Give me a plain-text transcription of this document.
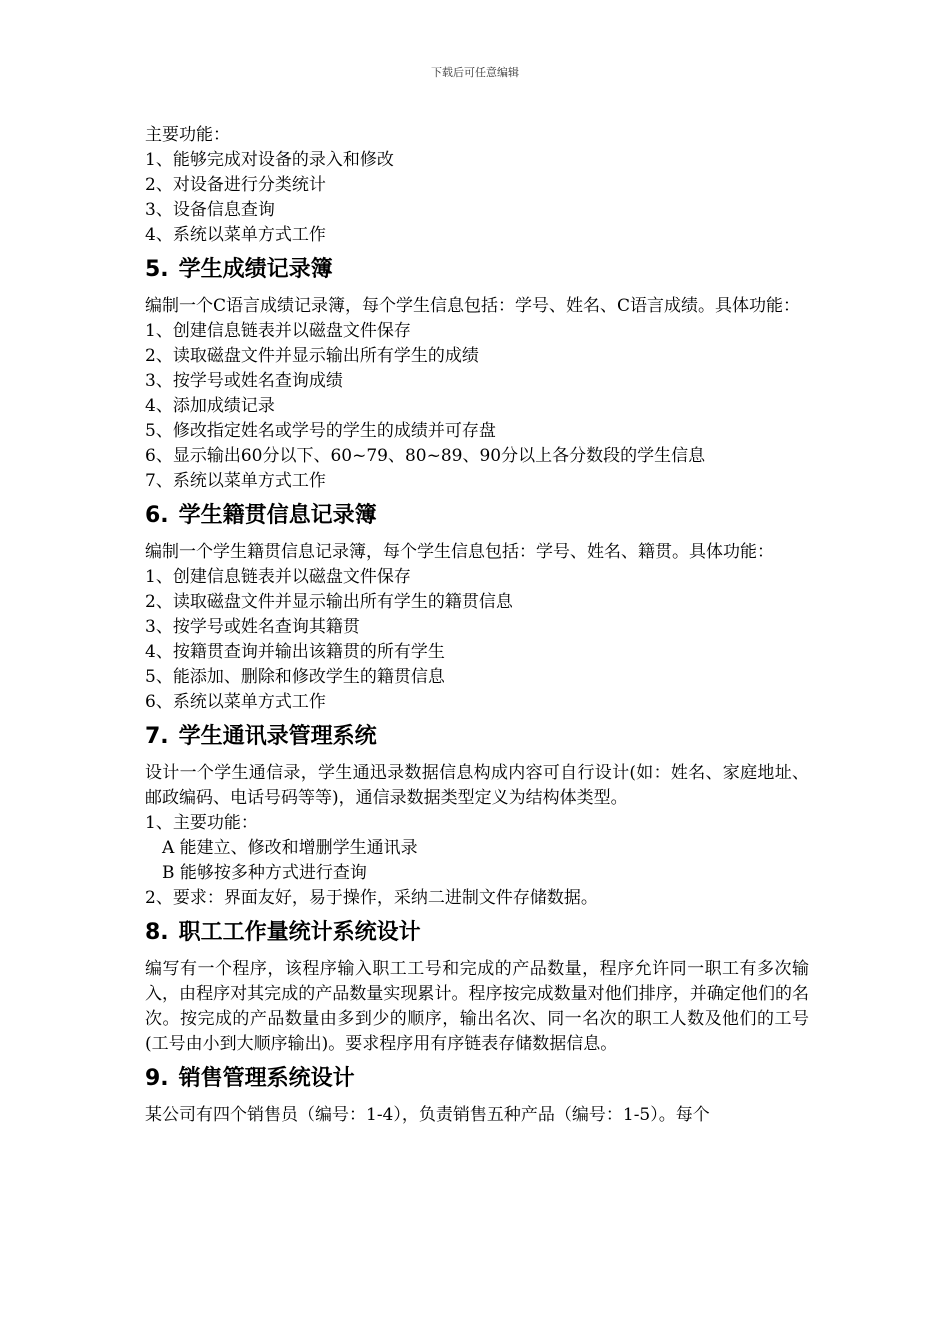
下载后可任意编辑
主要功能：
1、能够完成对设备的录入和修改
2、对设备进行分类统计
3、设备信息查询
4、系统以菜单方式工作
5. 学生成绩记录簿
编制一个C语言成绩记录簿，每个学生信息包括：学号、姓名、C语言成绩。具体功能：
1、创建信息链表并以磁盘文件保存
2、读取磁盘文件并显示输出所有学生的成绩
3、按学号或姓名查询成绩
4、添加成绩记录
5、修改指定姓名或学号的学生的成绩并可存盘
6、显示输出60分以下、60~79、80~89、90分以上各分数段的学生信息
7、系统以菜单方式工作
6. 学生籍贯信息记录簿
编制一个学生籍贯信息记录簿，每个学生信息包括：学号、姓名、籍贯。具体功能：
1、创建信息链表并以磁盘文件保存
2、读取磁盘文件并显示输出所有学生的籍贯信息
3、按学号或姓名查询其籍贯
4、按籍贯查询并输出该籍贯的所有学生
5、能添加、删除和修改学生的籍贯信息
6、系统以菜单方式工作
7. 学生通讯录管理系统
设计一个学生通信录，学生通迅录数据信息构成内容可自行设计(如：姓名、家庭地址、邮政编码、电话号码等等)，通信录数据类型定义为结构体类型。
1、主要功能：
A 能建立、修改和增删学生通讯录
B 能够按多种方式进行查询
2、要求：界面友好，易于操作，采纳二进制文件存储数据。
8. 职工工作量统计系统设计
编写有一个程序，该程序输入职工工号和完成的产品数量，程序允许同一职工有多次输入，由程序对其完成的产品数量实现累计。程序按完成数量对他们排序，并确定他们的名次。按完成的产品数量由多到少的顺序，输出名次、同一名次的职工人数及他们的工号(工号由小到大顺序输出)。要求程序用有序链表存储数据信息。
9. 销售管理系统设计
某公司有四个销售员（编号：1-4），负责销售五种产品（编号：1-5）。每个
